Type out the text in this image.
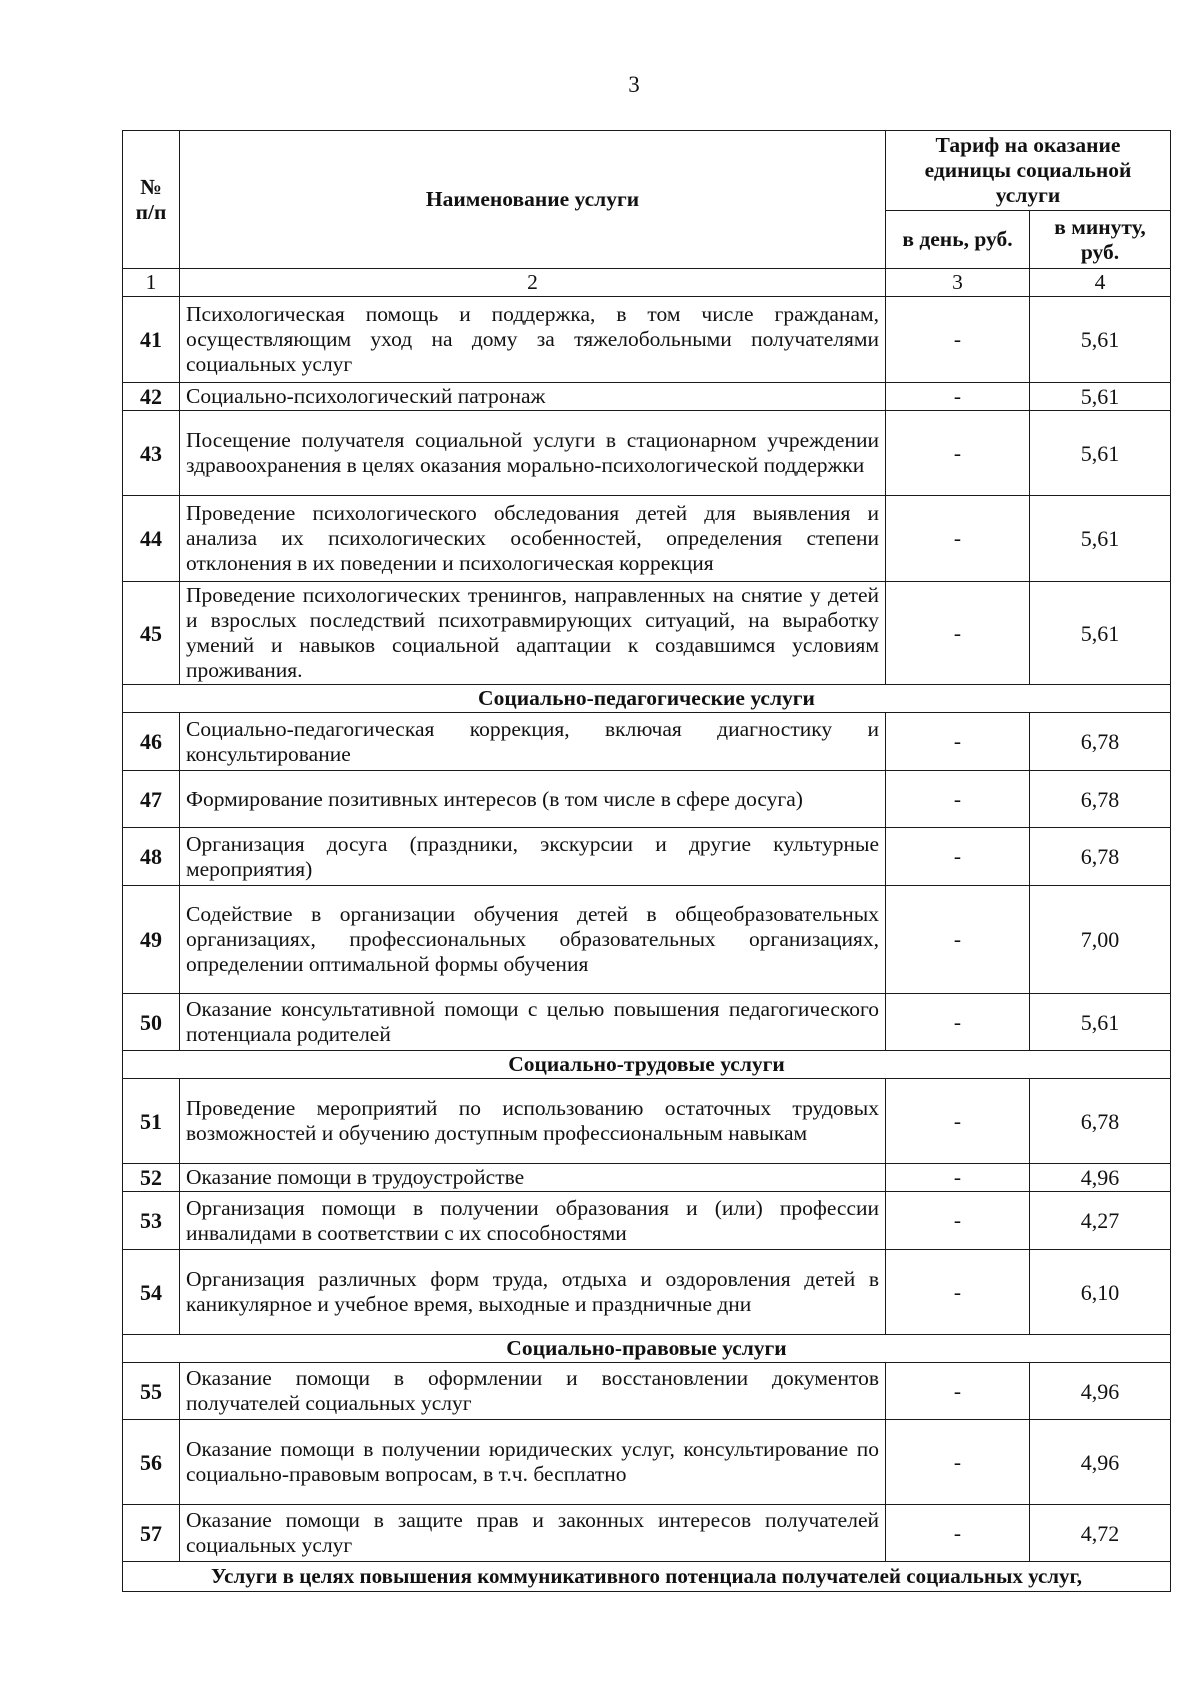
3
№ п/п	Наименование услуги	Тариф на оказание единицы социальной услуги	
		в день, руб.	в минуту, руб.
1	2	3	4
41	Психологическая помощь и поддержка, в том числе гражданам, осуществляющим уход на дому за тяжелобольными получателями социальных услуг	-	5,61
42	Социально-психологический патронаж	-	5,61
43	Посещение получателя социальной услуги в стационарном учреждении здравоохранения в целях оказания морально-психологической поддержки	-	5,61
44	Проведение психологического обследования детей для выявления и анализа их психологических особенностей, определения степени отклонения в их поведении и психологическая коррекция	-	5,61
45	Проведение психологических тренингов, направленных на снятие у детей и взрослых последствий психотравмирующих ситуаций, на выработку умений и навыков социальной адаптации к создавшимся условиям проживания.	-	5,61
Социально-педагогические услуги			
46	Социально-педагогическая коррекция, включая диагностику и консультирование	-	6,78
47	Формирование позитивных интересов (в том числе в сфере досуга)	-	6,78
48	Организация досуга (праздники, экскурсии и другие культурные мероприятия)	-	6,78
49	Содействие в организации обучения детей в общеобразовательных организациях, профессиональных образовательных организациях, определении оптимальной формы обучения	-	7,00
50	Оказание консультативной помощи с целью повышения педагогического потенциала родителей	-	5,61
Социально-трудовые услуги			
51	Проведение мероприятий по использованию остаточных трудовых возможностей и обучению доступным профессиональным навыкам	-	6,78
52	Оказание помощи в трудоустройстве	-	4,96
53	Организация помощи в получении образования и (или) профессии инвалидами в соответствии с их способностями	-	4,27
54	Организация различных форм труда, отдыха и оздоровления детей в каникулярное и учебное время, выходные и праздничные дни	-	6,10
Социально-правовые услуги			
55	Оказание помощи в оформлении и восстановлении документов получателей социальных услуг	-	4,96
56	Оказание помощи в получении юридических услуг, консультирование по социально-правовым вопросам, в т.ч. бесплатно	-	4,96
57	Оказание помощи в защите прав и законных интересов получателей социальных услуг	-	4,72
Услуги в целях повышения коммуникативного потенциала получателей социальных услуг,			
